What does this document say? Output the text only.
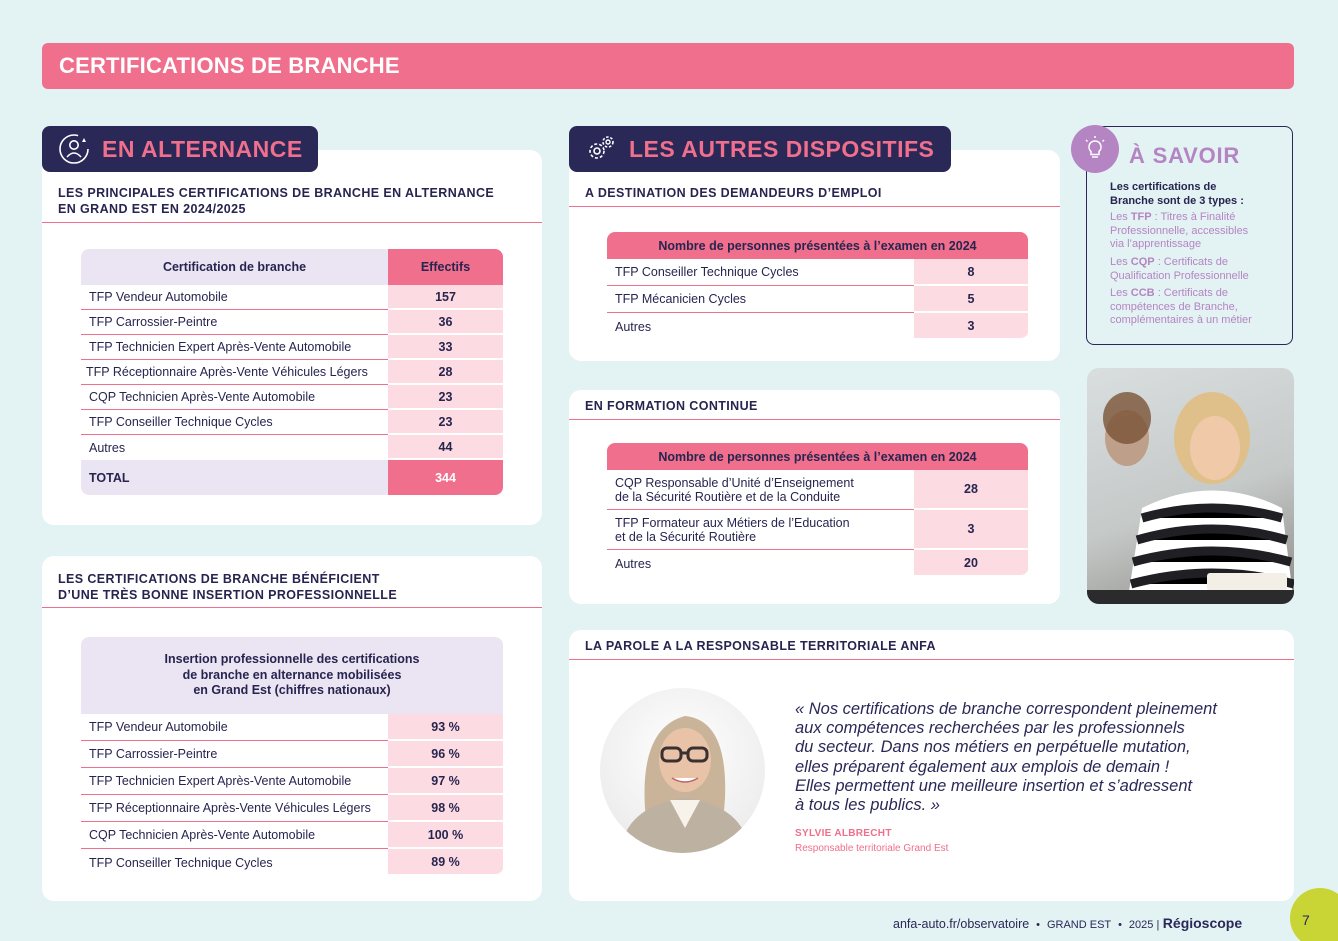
CERTIFICATIONS DE BRANCHE
EN ALTERNANCE
LES PRINCIPALES CERTIFICATIONS DE BRANCHE EN ALTERNANCE
EN GRAND EST EN 2024/2025
Certification de branche	Effectifs
TFP Vendeur Automobile	157
TFP Carrossier-Peintre	36
TFP Technicien Expert Après-Vente Automobile	33
TFP Réceptionnaire Après-Vente Véhicules Légers	28
CQP Technicien Après-Vente Automobile	23
TFP Conseiller Technique Cycles	23
Autres	44
TOTAL	344
LES CERTIFICATIONS DE BRANCHE BÉNÉFICIENT
D’UNE TRÈS BONNE INSERTION PROFESSIONNELLE
Insertion professionnelle des certifications
de branche en alternance mobilisées
en Grand Est (chiffres nationaux)	

TFP Vendeur Automobile	93 %
TFP Carrossier-Peintre	96 %
TFP Technicien Expert Après-Vente Automobile	97 %
TFP Réceptionnaire Après-Vente Véhicules Légers	98 %
CQP Technicien Après-Vente Automobile	100 %
TFP Conseiller Technique Cycles	89 %
LES AUTRES DISPOSITIFS
A DESTINATION DES DEMANDEURS D’EMPLOI
Nombre de personnes présentées à l’examen en 2024	
TFP Conseiller Technique Cycles	8
TFP Mécanicien Cycles	5
Autres	3
EN FORMATION CONTINUE
Nombre de personnes présentées à l’examen en 2024	

CQP Responsable d’Unité d’Enseignement
de la Sécurité Routière et de la Conduite	28

TFP Formateur aux Métiers de l’Education
et de la Sécurité Routière	3
Autres	20
À SAVOIR
Les certifications de
Branche sont de 3 types :
Les TFP : Titres à Finalité
Professionnelle, accessibles
via l’apprentissage
Les CQP : Certificats de
Qualification Professionnelle
Les CCB : Certificats de
compétences de Branche,
complémentaires à un métier
LA PAROLE A LA RESPONSABLE TERRITORIALE ANFA
« Nos certifications de branche correspondent pleinement
aux compétences recherchées par les professionnels
du secteur. Dans nos métiers en perpétuelle mutation,
elles préparent également aux emplois de demain !
Elles permettent une meilleure insertion et s’adressent
à tous les publics. »
SYLVIE ALBRECHT
Responsable territoriale Grand Est
anfa-auto.fr/observatoire • GRAND EST • 2025 | Régioscope	7
